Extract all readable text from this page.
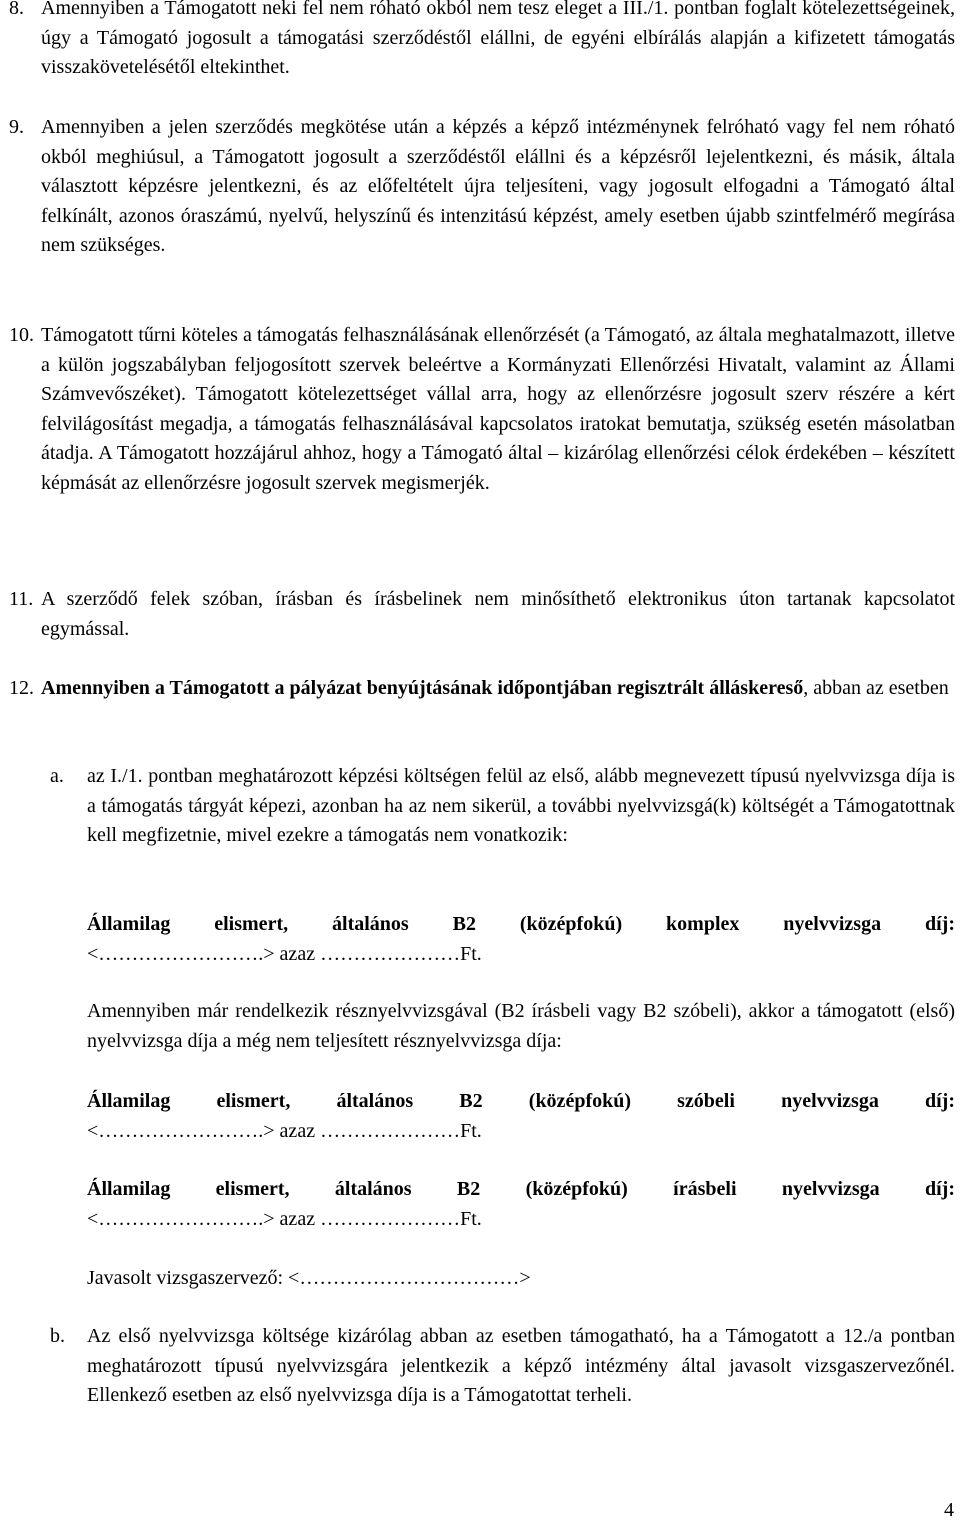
8. Amennyiben a Támogatott neki fel nem róható okból nem tesz eleget a III./1. pontban foglalt kötelezettségeinek, úgy a Támogató jogosult a támogatási szerződéstől elállni, de egyéni elbírálás alapján a kifizetett támogatás visszakövetelésétől eltekinthet.
9. Amennyiben a jelen szerződés megkötése után a képzés a képző intézménynek felróható vagy fel nem róható okból meghiúsul, a Támogatott jogosult a szerződéstől elállni és a képzésről lejelentkezni, és másik, általa választott képzésre jelentkezni, és az előfeltételt újra teljesíteni, vagy jogosult elfogadni a Támogató által felkínált, azonos óraszámú, nyelvű, helyszínű és intenzitású képzést, amely esetben újabb szintfelmérő megírása nem szükséges.
10. Támogatott tűrni köteles a támogatás felhasználásának ellenőrzését (a Támogató, az általa meghatalmazott, illetve a külön jogszabályban feljogosított szervek beleértve a Kormányzati Ellenőrzési Hivatalt, valamint az Állami Számvevőszéket). Támogatott kötelezettséget vállal arra, hogy az ellenőrzésre jogosult szerv részére a kért felvilágosítást megadja, a támogatás felhasználásával kapcsolatos iratokat bemutatja, szükség esetén másolatban átadja. A Támogatott hozzájárul ahhoz, hogy a Támogató által – kizárólag ellenőrzési célok érdekében – készített képmását az ellenőrzésre jogosult szervek megismerjék.
11. A szerződő felek szóban, írásban és írásbelinek nem minősíthető elektronikus úton tartanak kapcsolatot egymással.
12. Amennyiben a Támogatott a pályázat benyújtásának időpontjában regisztrált álláskereső, abban az esetben
a. az I./1. pontban meghatározott képzési költségen felül az első, alább megnevezett típusú nyelvvizsga díja is a támogatás tárgyát képezi, azonban ha az nem sikerül, a további nyelvvizsgá(k) költségét a Támogatottnak kell megfizetnie, mivel ezekre a támogatás nem vonatkozik:
Államilag elismert, általános B2 (középfokú) komplex nyelvvizsga díj:
<…………………….> azaz …………………Ft.
Amennyiben már rendelkezik résznyelvvizsgával (B2 írásbeli vagy B2 szóbeli), akkor a támogatott (első) nyelvvizsga díja a még nem teljesített résznyelvvizsga díja:
Államilag elismert, általános B2 (középfokú) szóbeli nyelvvizsga díj:
<…………………….> azaz …………………Ft.
Államilag elismert, általános B2 (középfokú) írásbeli nyelvvizsga díj:
<…………………….> azaz …………………Ft.
Javasolt vizsgaszervező: <……………………………>
b. Az első nyelvvizsga költsége kizárólag abban az esetben támogatható, ha a Támogatott a 12./a pontban meghatározott típusú nyelvvizsgára jelentkezik a képző intézmény által javasolt vizsgaszervezőnél. Ellenkező esetben az első nyelvvizsga díja is a Támogatottat terheli.
4
